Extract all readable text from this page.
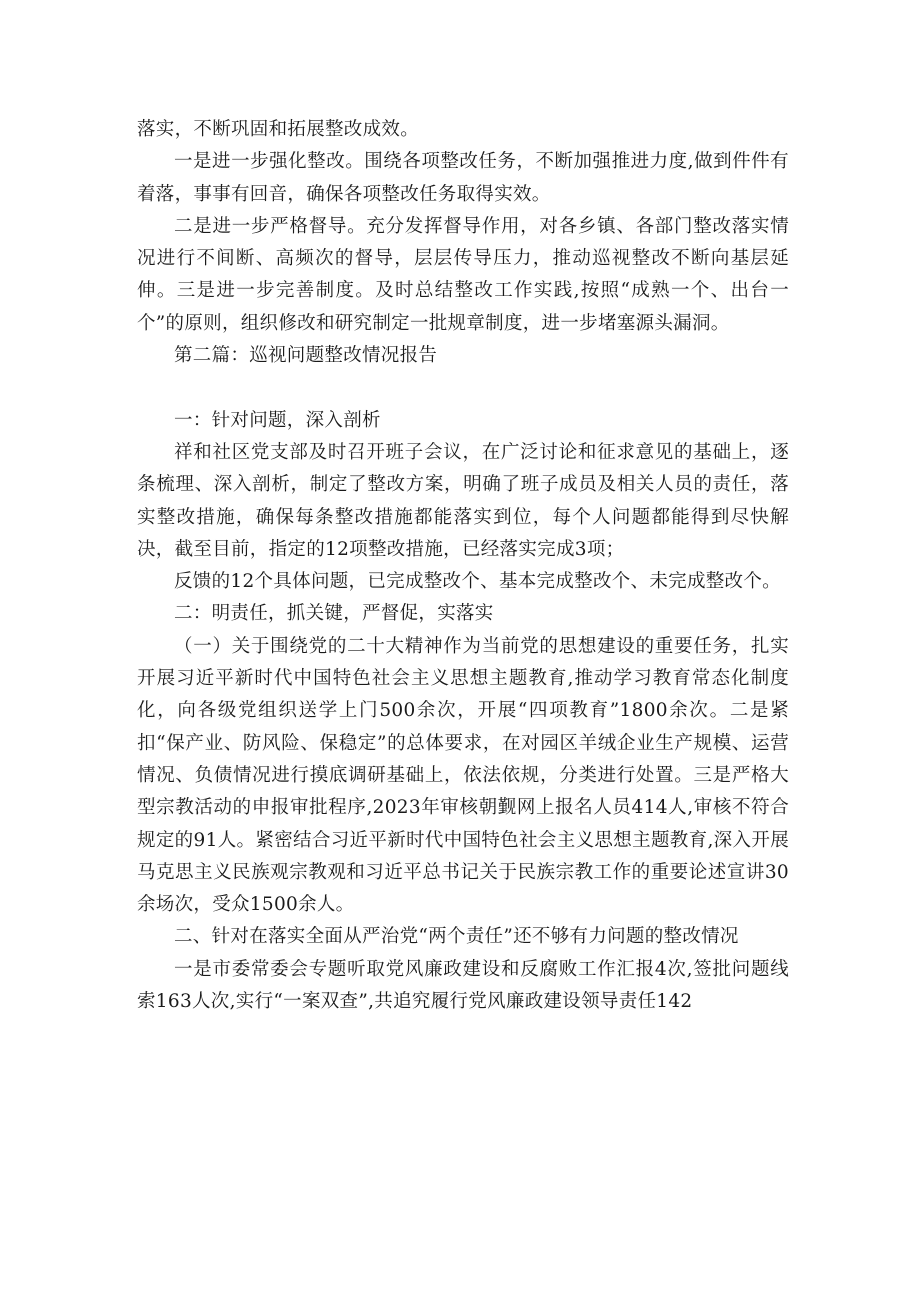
落实，不断巩固和拓展整改成效。

一是进一步强化整改。围绕各项整改任务，不断加强推进力度,做到件件有着落，事事有回音，确保各项整改任务取得实效。

二是进一步严格督导。充分发挥督导作用，对各乡镇、各部门整改落实情况进行不间断、高频次的督导，层层传导压力，推动巡视整改不断向基层延伸。三是进一步完善制度。及时总结整改工作实践,按照“成熟一个、出台一个”的原则，组织修改和研究制定一批规章制度，进一步堵塞源头漏洞。

第二篇：巡视问题整改情况报告

一：针对问题，深入剖析

祥和社区党支部及时召开班子会议，在广泛讨论和征求意见的基础上，逐条梳理、深入剖析，制定了整改方案，明确了班子成员及相关人员的责任，落实整改措施，确保每条整改措施都能落实到位，每个人问题都能得到尽快解决，截至目前，指定的12项整改措施，已经落实完成3项；

反馈的12个具体问题，已完成整改个、基本完成整改个、未完成整改个。

二：明责任，抓关键，严督促，实落实

（一）关于围绕党的二十大精神作为当前党的思想建设的重要任务，扎实开展习近平新时代中国特色社会主义思想主题教育,推动学习教育常态化制度化，向各级党组织送学上门500余次，开展“四项教育”1800余次。二是紧扣“保产业、防风险、保稳定”的总体要求，在对园区羊绒企业生产规模、运营情况、负债情况进行摸底调研基础上，依法依规，分类进行处置。三是严格大型宗教活动的申报审批程序,2023年审核朝觐网上报名人员414人,审核不符合规定的91人。紧密结合习近平新时代中国特色社会主义思想主题教育,深入开展马克思主义民族观宗教观和习近平总书记关于民族宗教工作的重要论述宣讲30余场次，受众1500余人。

二、针对在落实全面从严治党“两个责任”还不够有力问题的整改情况

一是市委常委会专题听取党风廉政建设和反腐败工作汇报4次,签批问题线索163人次,实行“一案双查”,共追究履行党风廉政建设领导责任142
